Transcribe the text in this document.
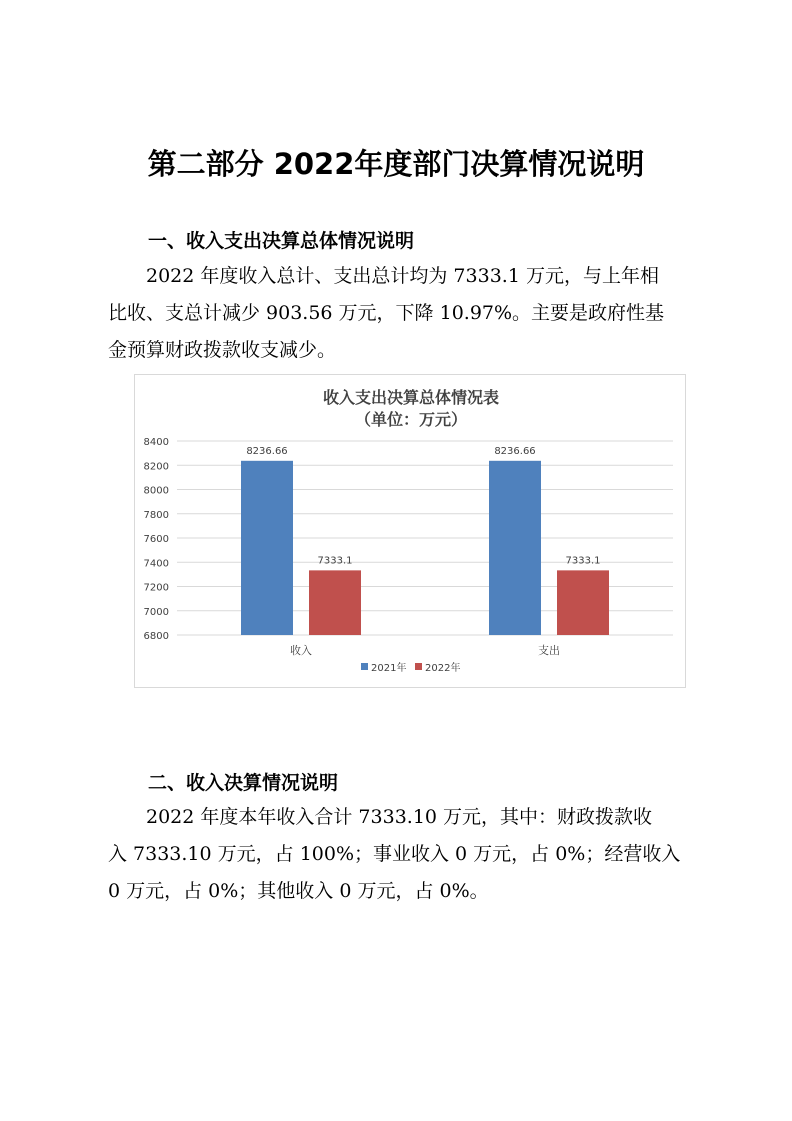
第二部分 2022年度部门决算情况说明
一、收入支出决算总体情况说明
2022 年度收入总计、支出总计均为 7333.1 万元，与上年相
比收、支总计减少 903.56 万元，下降 10.97%。主要是政府性基
金预算财政拨款收支减少。
收入支出决算总体情况表
（单位：万元）
6800
7000
7200
7400
7600
7800
8000
8200
8400
8236.66
7333.1
收入
8236.66
7333.1
支出
2021年 2022年
二、收入决算情况说明
2022 年度本年收入合计 7333.10 万元，其中：财政拨款收
入 7333.10 万元，占 100%；事业收入 0 万元，占 0%；经营收入
0 万元，占 0%；其他收入 0 万元，占 0%。
